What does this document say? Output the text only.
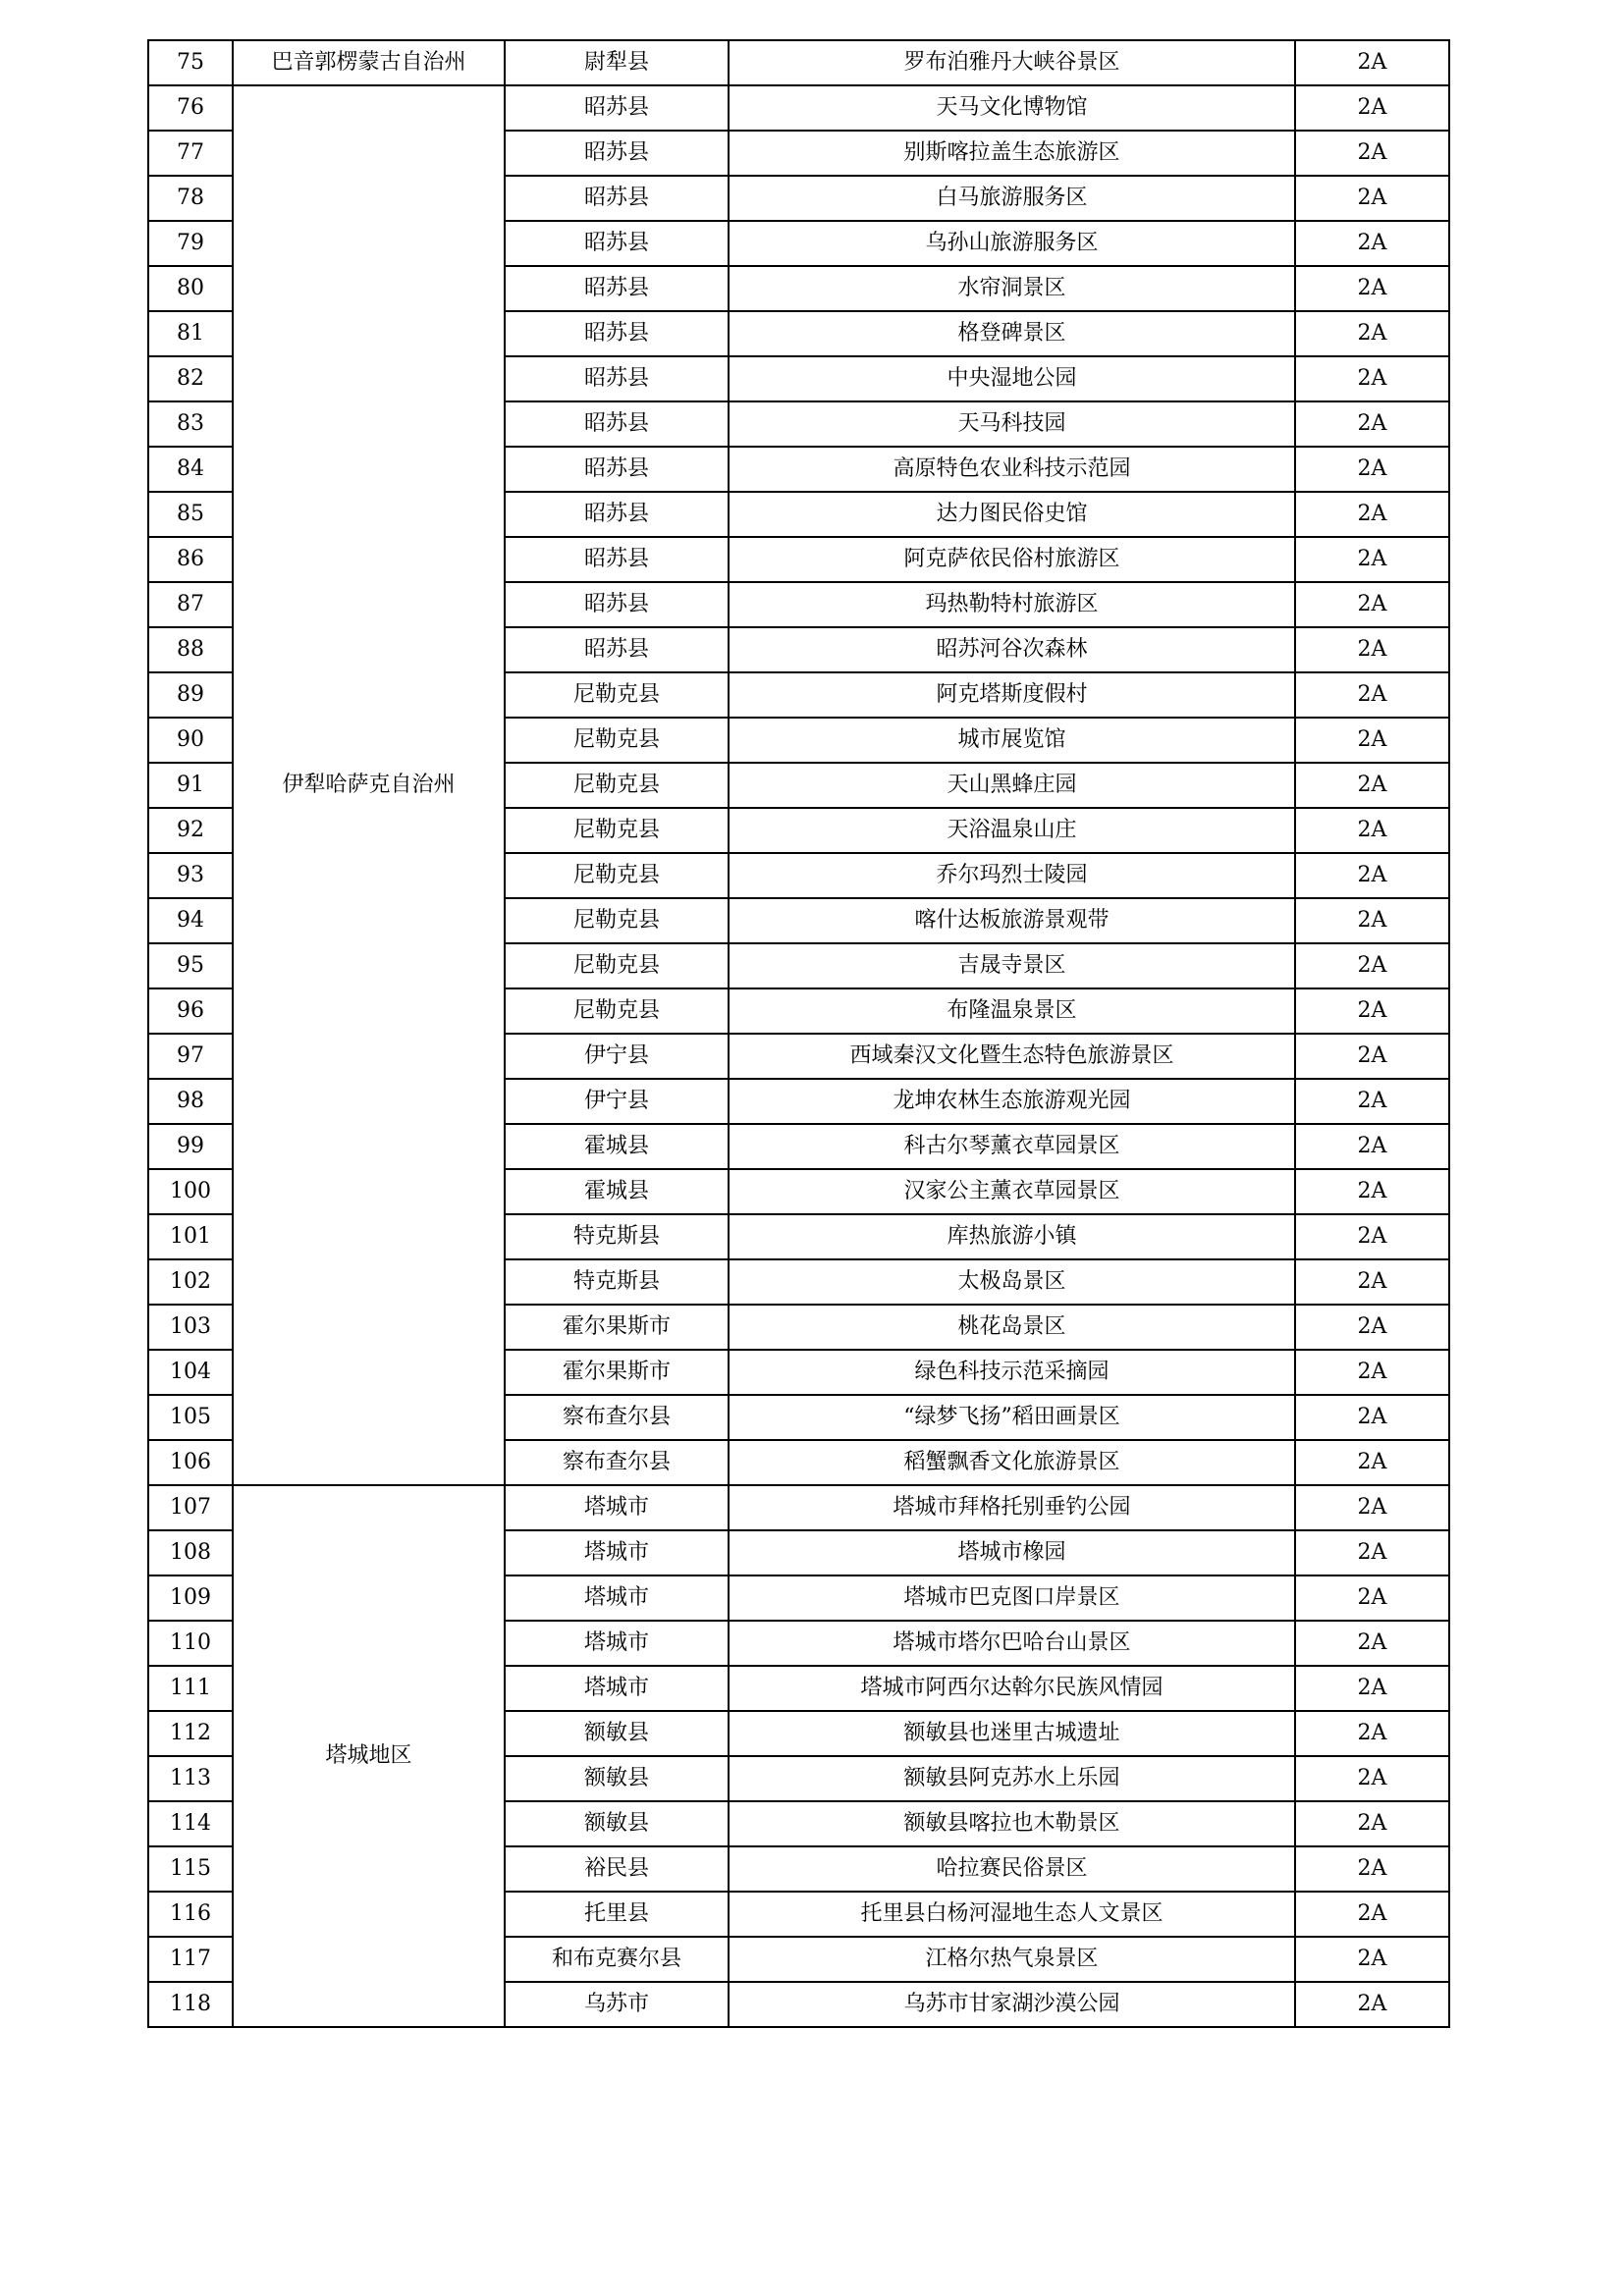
75	巴音郭楞蒙古自治州	尉犁县	罗布泊雅丹大峡谷景区	2A
76	伊犁哈萨克自治州	昭苏县	天马文化博物馆	2A
77		昭苏县	别斯喀拉盖生态旅游区	2A
78		昭苏县	白马旅游服务区	2A
79		昭苏县	乌孙山旅游服务区	2A
80		昭苏县	水帘洞景区	2A
81		昭苏县	格登碑景区	2A
82		昭苏县	中央湿地公园	2A
83		昭苏县	天马科技园	2A
84		昭苏县	高原特色农业科技示范园	2A
85		昭苏县	达力图民俗史馆	2A
86		昭苏县	阿克萨依民俗村旅游区	2A
87		昭苏县	玛热勒特村旅游区	2A
88		昭苏县	昭苏河谷次森林	2A
89		尼勒克县	阿克塔斯度假村	2A
90		尼勒克县	城市展览馆	2A
91		尼勒克县	天山黑蜂庄园	2A
92		尼勒克县	天浴温泉山庄	2A
93		尼勒克县	乔尔玛烈士陵园	2A
94		尼勒克县	喀什达板旅游景观带	2A
95		尼勒克县	吉晟寺景区	2A
96		尼勒克县	布隆温泉景区	2A
97		伊宁县	西域秦汉文化暨生态特色旅游景区	2A
98		伊宁县	龙坤农林生态旅游观光园	2A
99		霍城县	科古尔琴薰衣草园景区	2A
100		霍城县	汉家公主薰衣草园景区	2A
101		特克斯县	库热旅游小镇	2A
102		特克斯县	太极岛景区	2A
103		霍尔果斯市	桃花岛景区	2A
104		霍尔果斯市	绿色科技示范采摘园	2A
105		察布查尔县	“绿梦飞扬”稻田画景区	2A
106		察布查尔县	稻蟹飘香文化旅游景区	2A
107	塔城地区	塔城市	塔城市拜格托别垂钓公园	2A
108		塔城市	塔城市橡园	2A
109		塔城市	塔城市巴克图口岸景区	2A
110		塔城市	塔城市塔尔巴哈台山景区	2A
111		塔城市	塔城市阿西尔达斡尔民族风情园	2A
112		额敏县	额敏县也迷里古城遗址	2A
113		额敏县	额敏县阿克苏水上乐园	2A
114		额敏县	额敏县喀拉也木勒景区	2A
115		裕民县	哈拉赛民俗景区	2A
116		托里县	托里县白杨河湿地生态人文景区	2A
117		和布克赛尔县	江格尔热气泉景区	2A
118		乌苏市	乌苏市甘家湖沙漠公园	2A
